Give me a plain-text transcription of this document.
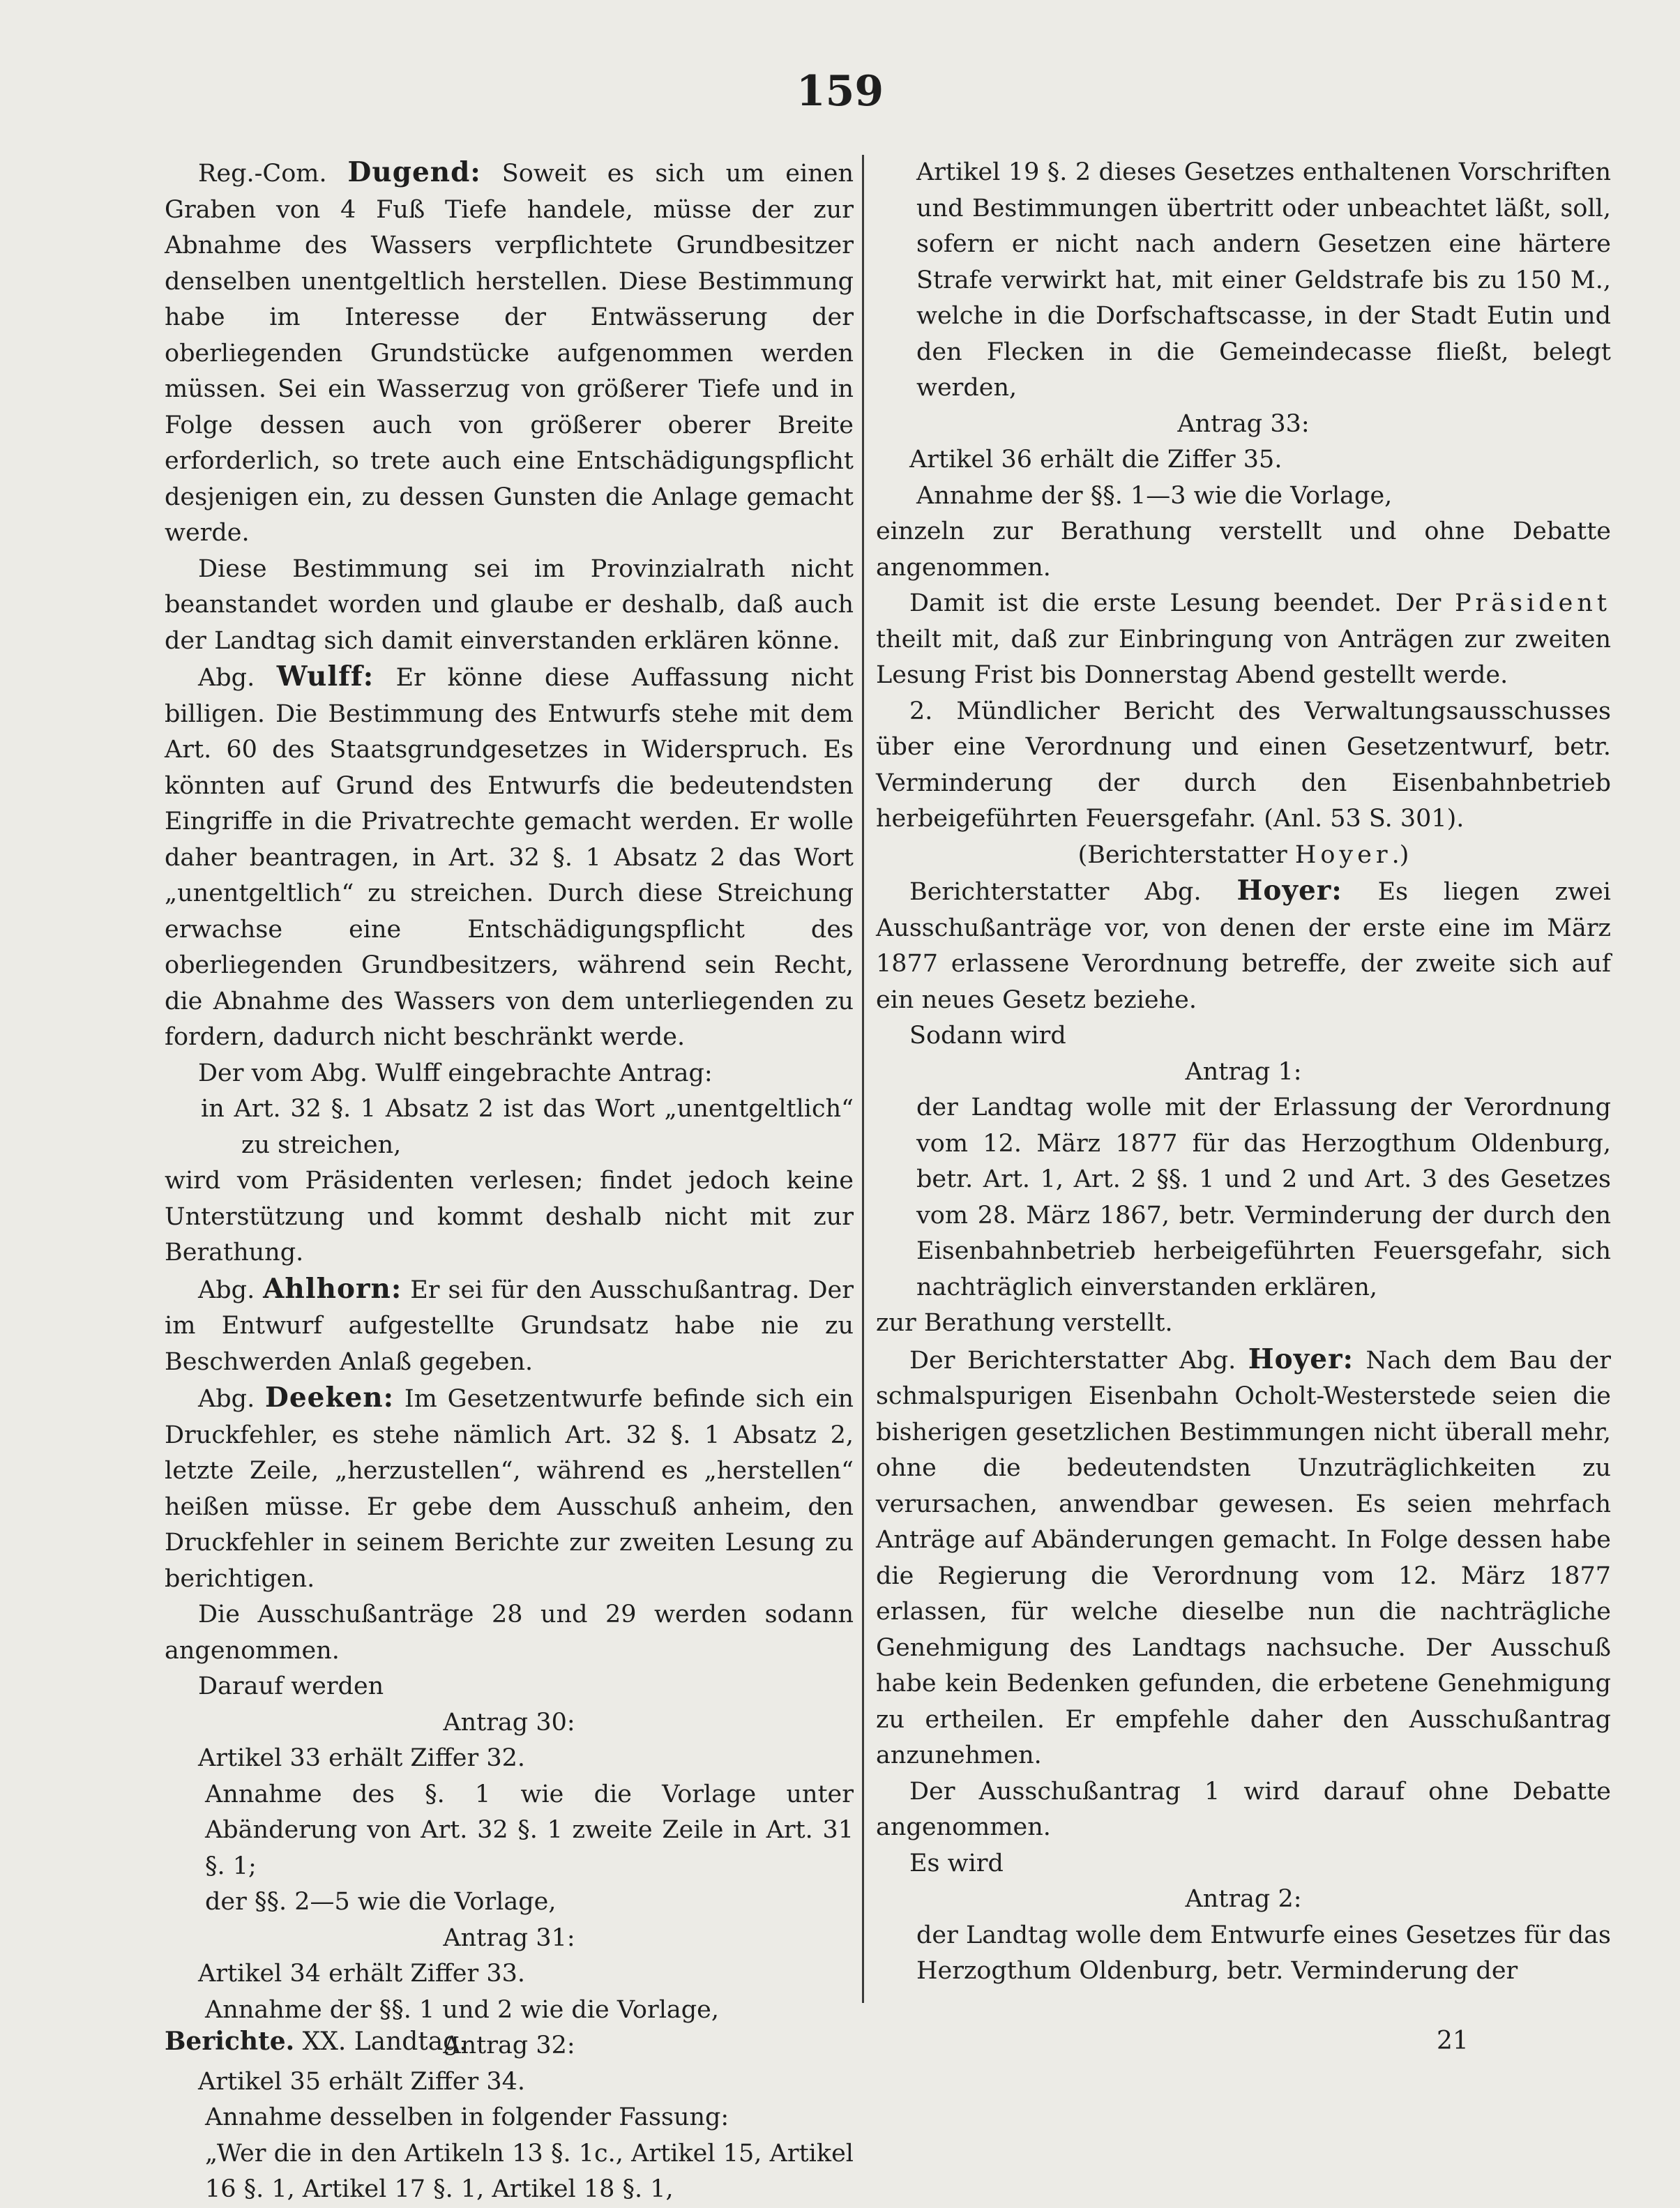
159

Reg.-Com. Dugend: Soweit es sich um einen Graben von 4 Fuß Tiefe handele, müsse der zur Abnahme des Wassers verpflichtete Grundbesitzer denselben unentgeltlich herstellen. Diese Bestimmung habe im Interesse der Entwässerung der oberliegenden Grundstücke aufgenommen werden müssen. Sei ein Wasserzug von größerer Tiefe und in Folge dessen auch von größerer oberer Breite erforderlich, so trete auch eine Entschädigungspflicht desjenigen ein, zu dessen Gunsten die Anlage gemacht werde.

Diese Bestimmung sei im Provinzialrath nicht beanstandet worden und glaube er deshalb, daß auch der Landtag sich damit einverstanden erklären könne.

Abg. Wulff: Er könne diese Auffassung nicht billigen. Die Bestimmung des Entwurfs stehe mit dem Art. 60 des Staatsgrundgesetzes in Widerspruch. Es könnten auf Grund des Entwurfs die bedeutendsten Eingriffe in die Privatrechte gemacht werden. Er wolle daher beantragen, in Art. 32 §. 1 Absatz 2 das Wort „unentgeltlich“ zu streichen. Durch diese Streichung erwachse eine Entschädigungspflicht des oberliegenden Grundbesitzers, während sein Recht, die Abnahme des Wassers von dem unterliegenden zu fordern, dadurch nicht beschränkt werde.

Der vom Abg. Wulff eingebrachte Antrag:

in Art. 32 §. 1 Absatz 2 ist das Wort „unentgeltlich“ zu streichen,

wird vom Präsidenten verlesen; findet jedoch keine Unterstützung und kommt deshalb nicht mit zur Berathung.

Abg. Ahlhorn: Er sei für den Ausschußantrag. Der im Entwurf aufgestellte Grundsatz habe nie zu Beschwerden Anlaß gegeben.

Abg. Deeken: Im Gesetzentwurfe befinde sich ein Druckfehler, es stehe nämlich Art. 32 §. 1 Absatz 2, letzte Zeile, „herzustellen“, während es „herstellen“ heißen müsse. Er gebe dem Ausschuß anheim, den Druckfehler in seinem Berichte zur zweiten Lesung zu berichtigen.

Die Ausschußanträge 28 und 29 werden sodann angenommen.

Darauf werden

Antrag 30:

Artikel 33 erhält Ziffer 32.

Annahme des §. 1 wie die Vorlage unter Abänderung von Art. 32 §. 1 zweite Zeile in Art. 31 §. 1;

der §§. 2—5 wie die Vorlage,

Antrag 31:

Artikel 34 erhält Ziffer 33.

Annahme der §§. 1 und 2 wie die Vorlage,

Antrag 32:

Artikel 35 erhält Ziffer 34.

Annahme desselben in folgender Fassung:

„Wer die in den Artikeln 13 §. 1c., Artikel 15, Artikel 16 §. 1, Artikel 17 §. 1, Artikel 18 §. 1,

Artikel 19 §. 2 dieses Gesetzes enthaltenen Vorschriften und Bestimmungen übertritt oder unbeachtet läßt, soll, sofern er nicht nach andern Gesetzen eine härtere Strafe verwirkt hat, mit einer Geldstrafe bis zu 150 M., welche in die Dorfschaftscasse, in der Stadt Eutin und den Flecken in die Gemeindecasse fließt, belegt werden,

Antrag 33:

Artikel 36 erhält die Ziffer 35.

Annahme der §§. 1—3 wie die Vorlage,

einzeln zur Berathung verstellt und ohne Debatte angenommen.

Damit ist die erste Lesung beendet. Der Präsident theilt mit, daß zur Einbringung von Anträgen zur zweiten Lesung Frist bis Donnerstag Abend gestellt werde.

2. Mündlicher Bericht des Verwaltungsausschusses über eine Verordnung und einen Gesetzentwurf, betr. Verminderung der durch den Eisenbahnbetrieb herbeigeführten Feuersgefahr. (Anl. 53 S. 301).

(Berichterstatter Hoyer.)

Berichterstatter Abg. Hoyer: Es liegen zwei Ausschußanträge vor, von denen der erste eine im März 1877 erlassene Verordnung betreffe, der zweite sich auf ein neues Gesetz beziehe.

Sodann wird

Antrag 1:

der Landtag wolle mit der Erlassung der Verordnung vom 12. März 1877 für das Herzogthum Oldenburg, betr. Art. 1, Art. 2 §§. 1 und 2 und Art. 3 des Gesetzes vom 28. März 1867, betr. Verminderung der durch den Eisenbahnbetrieb herbeigeführten Feuersgefahr, sich nachträglich einverstanden erklären,

zur Berathung verstellt.

Der Berichterstatter Abg. Hoyer: Nach dem Bau der schmalspurigen Eisenbahn Ocholt-Westerstede seien die bisherigen gesetzlichen Bestimmungen nicht überall mehr, ohne die bedeutendsten Unzuträglichkeiten zu verursachen, anwendbar gewesen. Es seien mehrfach Anträge auf Abänderungen gemacht. In Folge dessen habe die Regierung die Verordnung vom 12. März 1877 erlassen, für welche dieselbe nun die nachträgliche Genehmigung des Landtags nachsuche. Der Ausschuß habe kein Bedenken gefunden, die erbetene Genehmigung zu ertheilen. Er empfehle daher den Ausschußantrag anzunehmen.

Der Ausschußantrag 1 wird darauf ohne Debatte angenommen.

Es wird

Antrag 2:

der Landtag wolle dem Entwurfe eines Gesetzes für das Herzogthum Oldenburg, betr. Verminderung der

Berichte. XX. Landtag.	21
